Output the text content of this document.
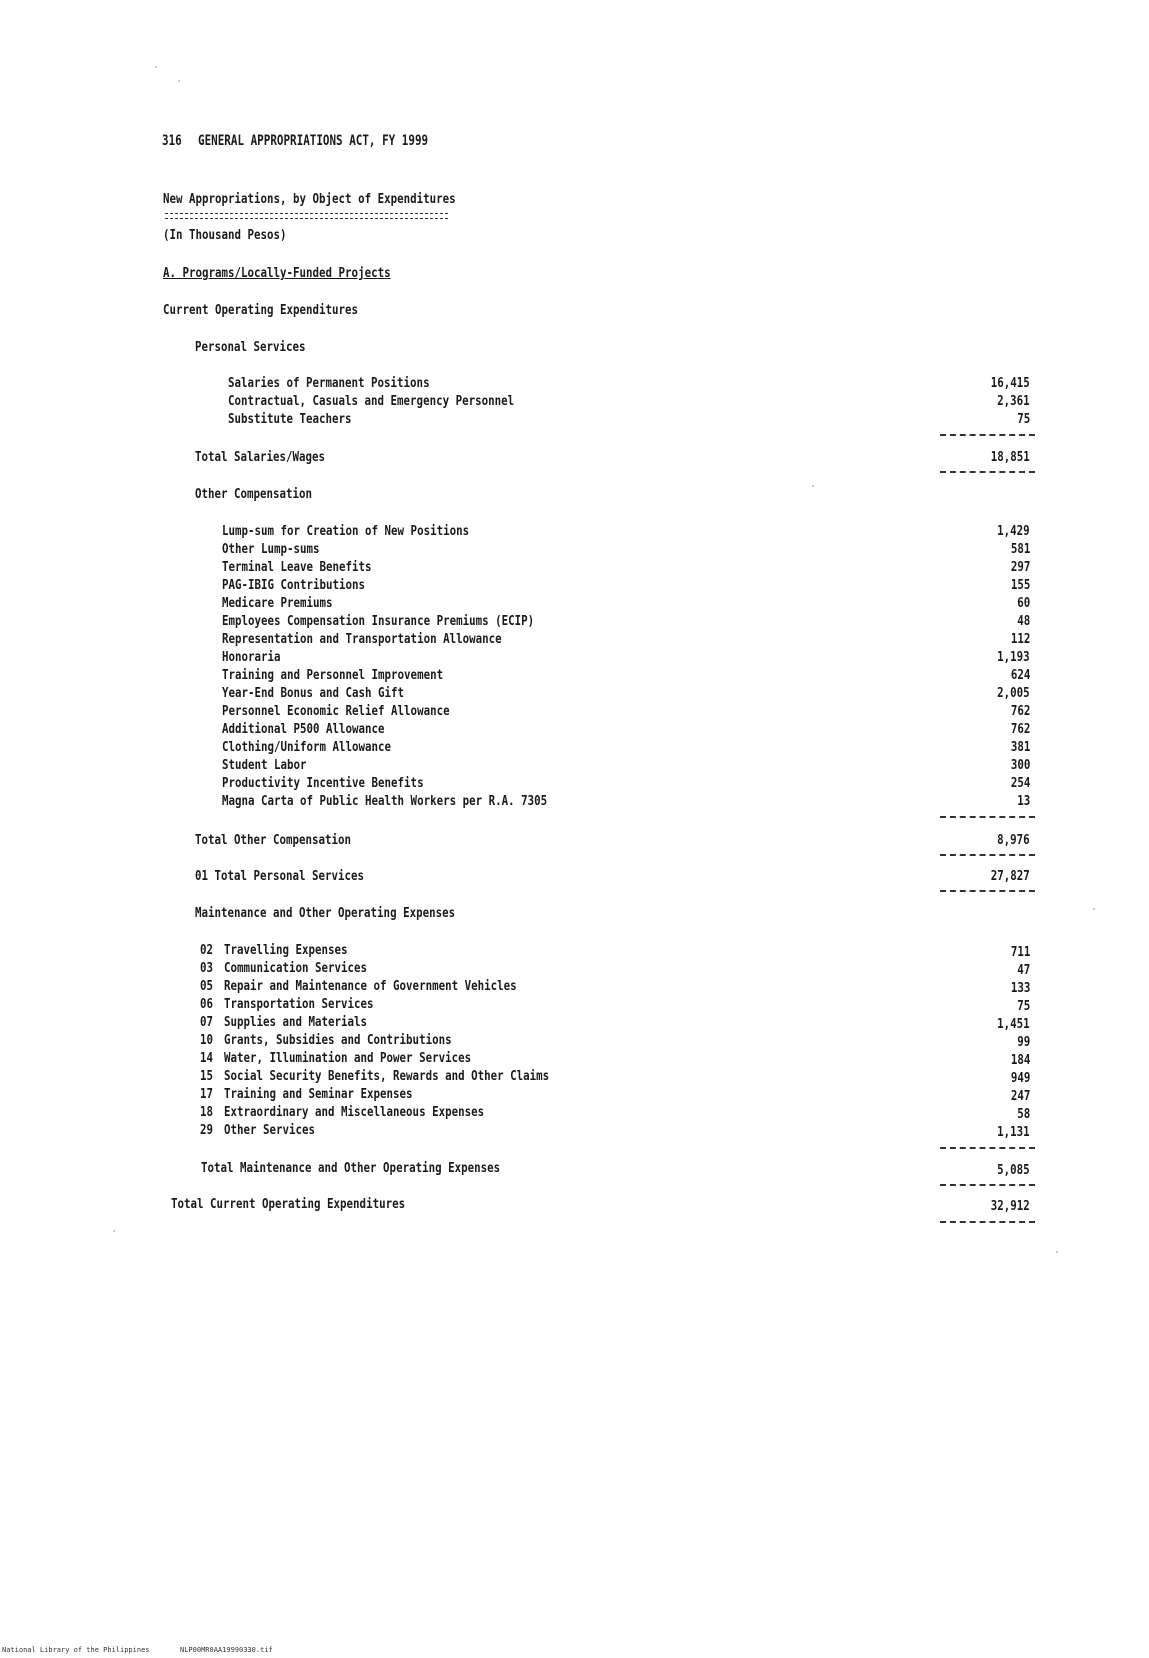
316 GENERAL APPROPRIATIONS ACT, FY 1999
New Appropriations, by Object of Expenditures
(In Thousand Pesos)
A. Programs/Locally-Funded Projects
Current Operating Expenditures
Personal Services
Salaries of Permanent Positions	16,415
Contractual, Casuals and Emergency Personnel	2,361
Substitute Teachers	75
Total Salaries/Wages	18,851
Other Compensation
Lump-sum for Creation of New Positions	1,429
Other Lump-sums	581
Terminal Leave Benefits	297
PAG-IBIG Contributions	155
Medicare Premiums	60
Employees Compensation Insurance Premiums (ECIP)	48
Representation and Transportation Allowance	112
Honoraria	1,193
Training and Personnel Improvement	624
Year-End Bonus and Cash Gift	2,005
Personnel Economic Relief Allowance	762
Additional P500 Allowance	762
Clothing/Uniform Allowance	381
Student Labor	300
Productivity Incentive Benefits	254
Magna Carta of Public Health Workers per R.A. 7305	13
Total Other Compensation	8,976
01 Total Personal Services	27,827
Maintenance and Other Operating Expenses
02 Travelling Expenses	711
03 Communication Services	47
05 Repair and Maintenance of Government Vehicles	133
06 Transportation Services	75
07 Supplies and Materials	1,451
10 Grants, Subsidies and Contributions	99
14 Water, Illumination and Power Services	184
15 Social Security Benefits, Rewards and Other Claims	949
17 Training and Seminar Expenses	247
18 Extraordinary and Miscellaneous Expenses	58
29 Other Services	1,131
Total Maintenance and Other Operating Expenses	5,085
Total Current Operating Expenditures	32,912
National Library of the Philippines	NLP00MR0AA19990330.tif
